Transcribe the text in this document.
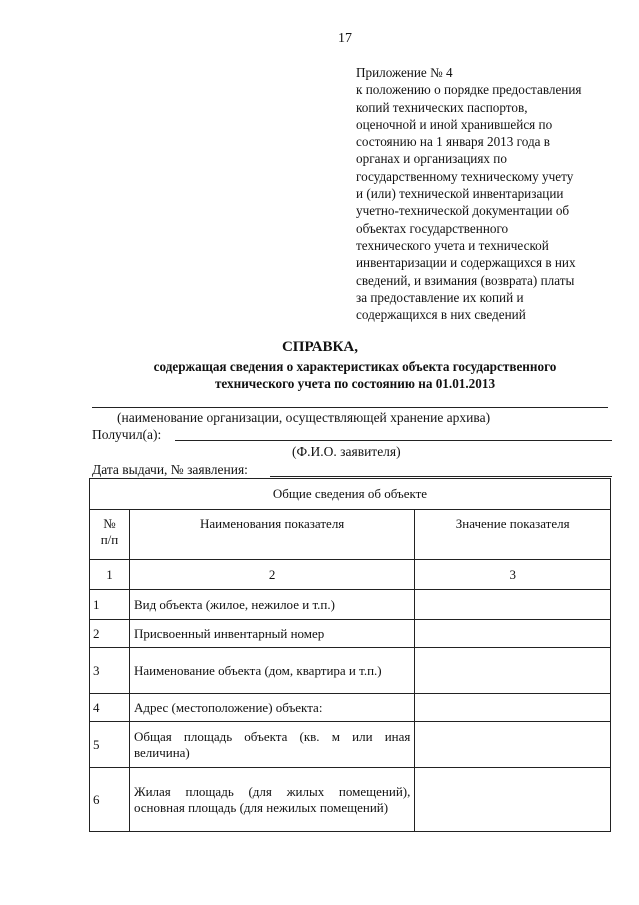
17
Приложение № 4
к положению о порядке предоставления
копий технических паспортов,
оценочной и иной хранившейся по
состоянию на 1 января 2013 года в
органах и организациях по
государственному техническому учету
и (или) технической инвентаризации
учетно-технической документации об
объектах государственного
технического учета и технической
инвентаризации и содержащихся в них
сведений, и взимания (возврата) платы
за предоставление их копий и
содержащихся в них сведений
СПРАВКА,
содержащая сведения о характеристиках объекта государственного
технического учета по состоянию на 01.01.2013
(наименование организации, осуществляющей хранение архива)
Получил(а):
(Ф.И.О. заявителя)
Дата выдачи, № заявления:
Общие сведения об объекте		
№
п/п	Наименования показателя	Значение показателя
1	2	3
1	Вид объекта (жилое, нежилое и т.п.)	
2	Присвоенный инвентарный номер	
3	Наименование объекта (дом, квартира и т.п.)	
4	Адрес (местоположение) объекта:	
5	Общая площадь объекта (кв. м или иная величина)	
6	Жилая площадь (для жилых помещений), основная площадь (для нежилых помещений)	
